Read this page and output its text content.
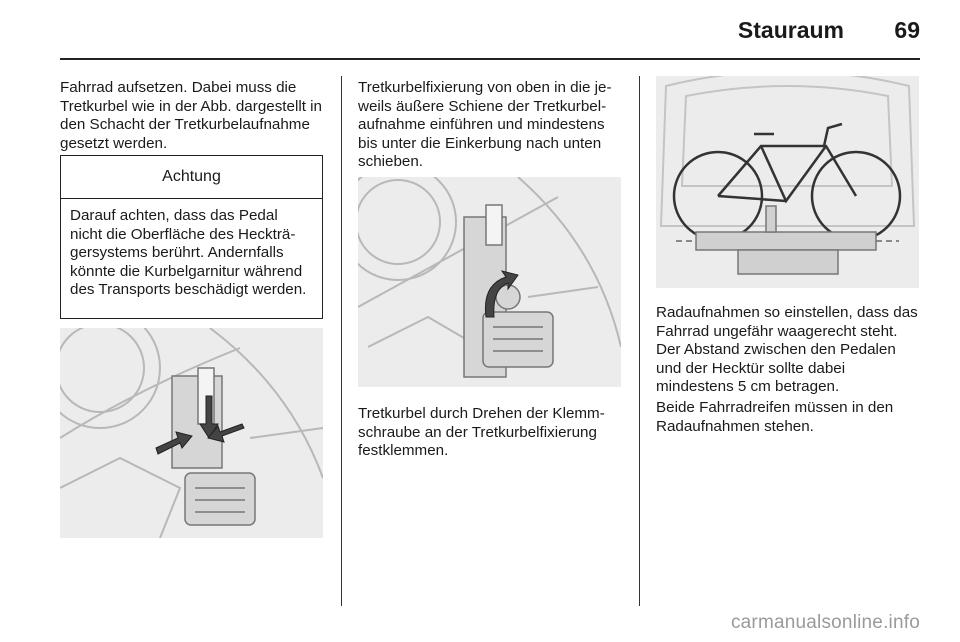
Stauraum 69
Fahrrad aufsetzen. Dabei muss die Tretkurbel wie in der Abb. dargestellt in den Schacht der Tretkurbelaufnahme gesetzt werden.
Achtung
Darauf achten, dass das Pedal nicht die Oberfläche des Heckträgersystems berührt. Andernfalls könnte die Kurbelgarnitur während des Transports beschädigt werden.
Tretkurbelfixierung von oben in die jeweils äußere Schiene der Tretkurbelaufnahme einführen und mindestens bis unter die Einkerbung nach unten schieben.
Tretkurbel durch Drehen der Klemmschraube an der Tretkurbelfixierung festklemmen.
Radaufnahmen so einstellen, dass das Fahrrad ungefähr waagerecht steht. Der Abstand zwischen den Pedalen und der Hecktür sollte dabei mindestens 5 cm betragen.
Beide Fahrradreifen müssen in den Radaufnahmen stehen.
carmanualsonline.info
